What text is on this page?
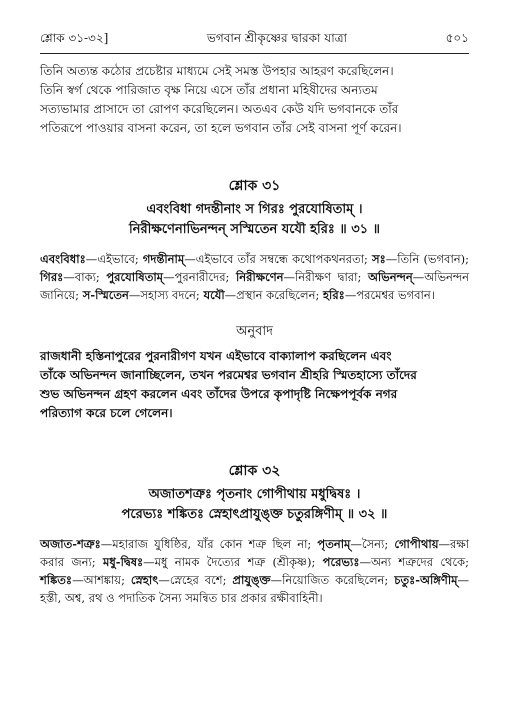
শ্লোক ৩১-৩২]	ভগবান শ্রীকৃষ্ণের দ্বারকা যাত্রা	৫০১

তিনি অত্যন্ত কঠোর প্রচেষ্টার মাধ্যমে সেই সমস্ত উপহার আহরণ করেছিলেন।

তিনি স্বর্গ থেকে পারিজাত বৃক্ষ নিয়ে এসে তাঁর প্রধানা মহিষীদের অন্যতম

সত্যভামার প্রাসাদে তা রোপণ করেছিলেন। অতএব কেউ যদি ভগবানকে তাঁর

পতিরূপে পাওয়ার বাসনা করেন, তা হলে ভগবান তাঁর সেই বাসনা পূর্ণ করেন।

শ্লোক ৩১

এবংবিধা গদন্তীনাং স গিরঃ পুরযোষিতাম্ ।

নিরীক্ষণেনাভিনন্দন্ সস্মিতেন যযৌ হরিঃ ॥ ৩১ ॥

এবংবিধাঃ—এইভাবে; গদন্তীনাম্—এইভাবে তাঁর সম্বন্ধে কথোপকথনরতা; সঃ—তিনি (ভগবান); গিরঃ—বাক্য; পুরযোষিতাম্—পুরনারীদের; নিরীক্ষণেন—নিরীক্ষণ দ্বারা; অভিনন্দন্—অভিনন্দন জানিয়ে; স-স্মিতেন—সহাস্য বদনে; যযৌ—প্রস্থান করেছিলেন; হরিঃ—পরমেশ্বর ভগবান।

অনুবাদ

রাজধানী হস্তিনাপুরের পুরনারীগণ যখন এইভাবে বাক্যালাপ করছিলেন এবং

তাঁকে অভিনন্দন জানাচ্ছিলেন, তখন পরমেশ্বর ভগবান শ্রীহরি স্মিতহাস্যে তাঁদের

শুভ অভিনন্দন গ্রহণ করলেন এবং তাঁদের উপরে কৃপাদৃষ্টি নিক্ষেপপূর্বক নগর

পরিত্যাগ করে চলে গেলেন।

শ্লোক ৩২

অজাতশত্রুঃ পৃতনাং গোপীথায় মধুদ্বিষঃ ।

পরেভ্যঃ শঙ্কিতঃ স্নেহাৎপ্রাযুঙ্ক্ত চতুরঙ্গিণীম্ ॥ ৩২ ॥

অজাত-শত্রুঃ—মহারাজ যুধিষ্ঠির, যাঁর কোন শত্রু ছিল না; পৃতনাম্—সৈন্য; গোপীথায়—রক্ষা করার জন্য; মধু-দ্বিষঃ—মধু নামক দৈত্যের শত্রু (শ্রীকৃষ্ণ); পরেভ্যঃ—অন্য শত্রুদের থেকে; শঙ্কিতঃ—আশঙ্কায়; স্নেহাৎ—স্নেহের বশে; প্রাযুঙ্ক্ত—নিয়োজিত করেছিলেন; চতুঃ-অঙ্গিণীম্—হস্তী, অশ্ব, রথ ও পদাতিক সৈন্য সমন্বিত চার প্রকার রক্ষীবাহিনী।
